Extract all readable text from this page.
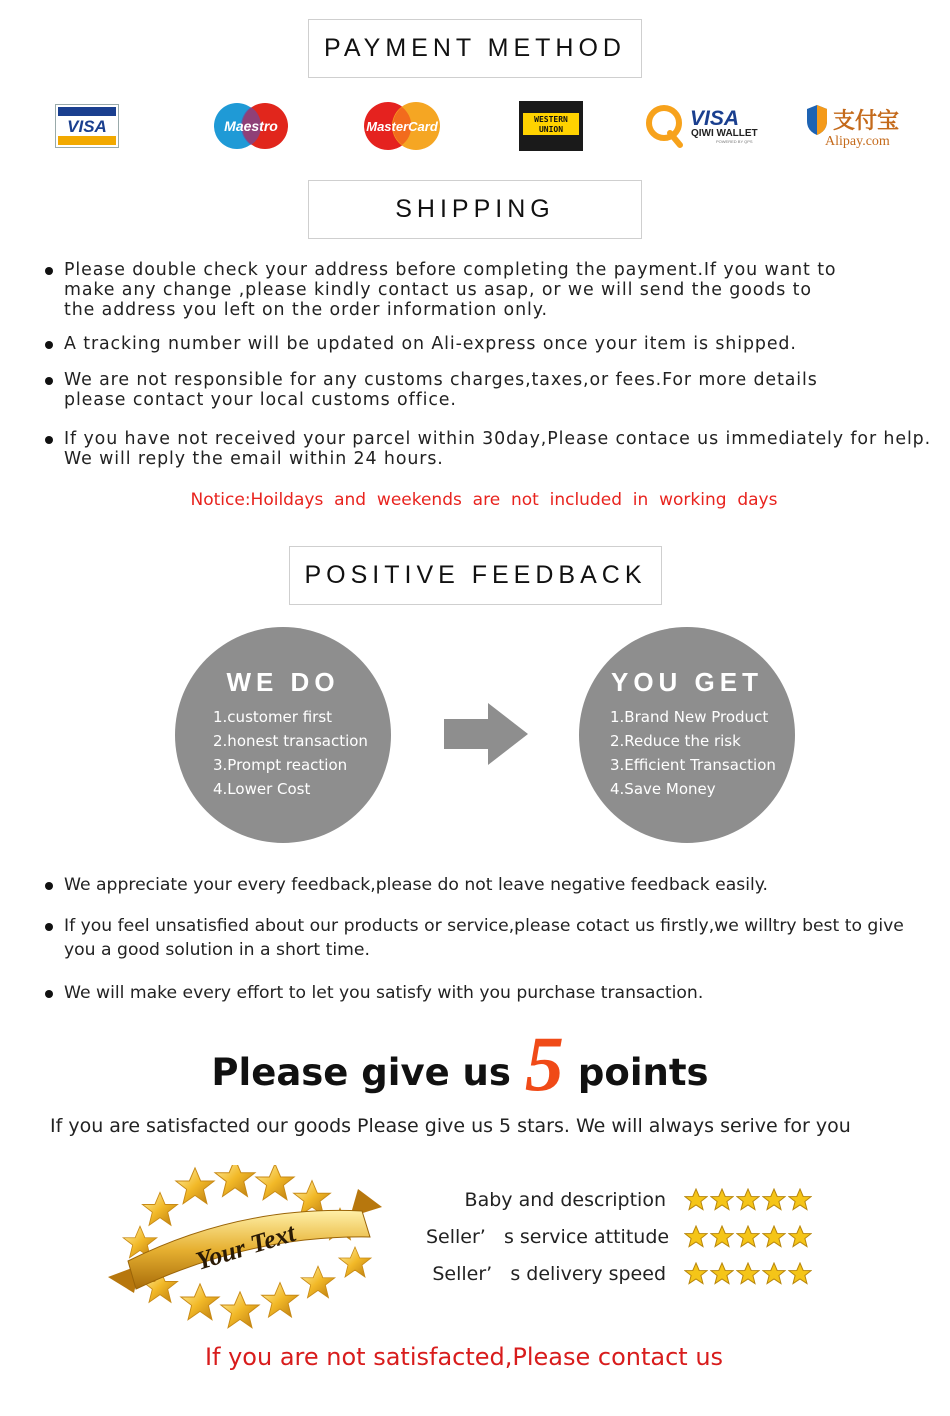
PAYMENT METHOD
VISA	Maestro	MasterCard	WESTERN
UNION	VISA
QIWI WALLET
POWERED BY QPS
支付宝
Alipay.com
SHIPPING
Please double check your address before completing the payment.If you want to
make any change ,please kindly contact us asap, or we will send the goods to
the address you left on the order information only.
A tracking number will be updated on Ali-express once your item is shipped.
We are not responsible for any customs charges,taxes,or fees.For more details
please contact your local customs office.
If you have not received your parcel within 30day,Please contace us immediately for help.
We will reply the email within 24 hours.
Notice:Hoildays  and  weekends  are  not  included  in  working  days
POSITIVE FEEDBACK
WE DO
1.customer first
2.honest transaction
3.Prompt reaction
4.Lower Cost
YOU GET
1.Brand New Product
2.Reduce the risk
3.Efficient Transaction
4.Save Money
We appreciate your every feedback,please do not leave negative feedback easily.
If you feel unsatisfied about our products or service,please cotact us firstly,we willtry best to give
you a good solution in a short time.
We will make every effort to let you satisfy with you purchase transaction.
Please give us 5 points
If you are satisfacted our goods Please give us 5 stars. We will always serive for you
Your Text
Baby and description
Seller’   s service attitude
Seller’   s delivery speed
If you are not satisfacted,Please contact us
